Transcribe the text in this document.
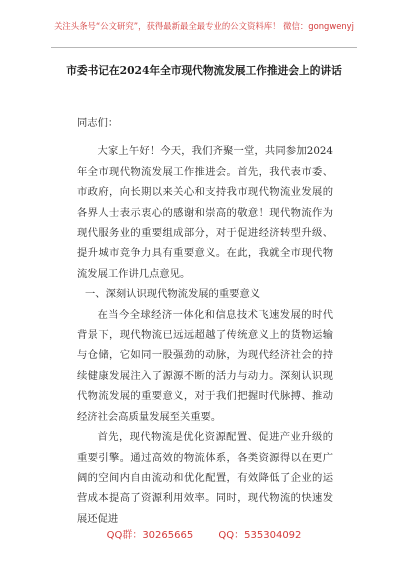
关注头条号“公文研究”，获得最新最全最专业的公文资料库！ 微信：gongwenyj
市委书记在2024年全市现代物流发展工作推进会上的讲话

同志们：

大家上午好！今天，我们齐聚一堂，共同参加2024年全市现代物流发展工作推进会。首先，我代表市委、市政府，向长期以来关心和支持我市现代物流业发展的各界人士表示衷心的感谢和崇高的敬意！现代物流作为现代服务业的重要组成部分，对于促进经济转型升级、提升城市竞争力具有重要意义。在此，我就全市现代物流发展工作讲几点意见。

一、深刻认识现代物流发展的重要意义

在当今全球经济一体化和信息技术飞速发展的时代背景下，现代物流已远远超越了传统意义上的货物运输与仓储，它如同一股强劲的动脉，为现代经济社会的持续健康发展注入了源源不断的活力与动力。深刻认识现代物流发展的重要意义，对于我们把握时代脉搏、推动经济社会高质量发展至关重要。

首先，现代物流是优化资源配置、促进产业升级的重要引擎。通过高效的物流体系，各类资源得以在更广阔的空间内自由流动和优化配置，有效降低了企业的运营成本提高了资源利用效率。同时，现代物流的快速发展还促进

QQ群：30265665	QQ：535304092
